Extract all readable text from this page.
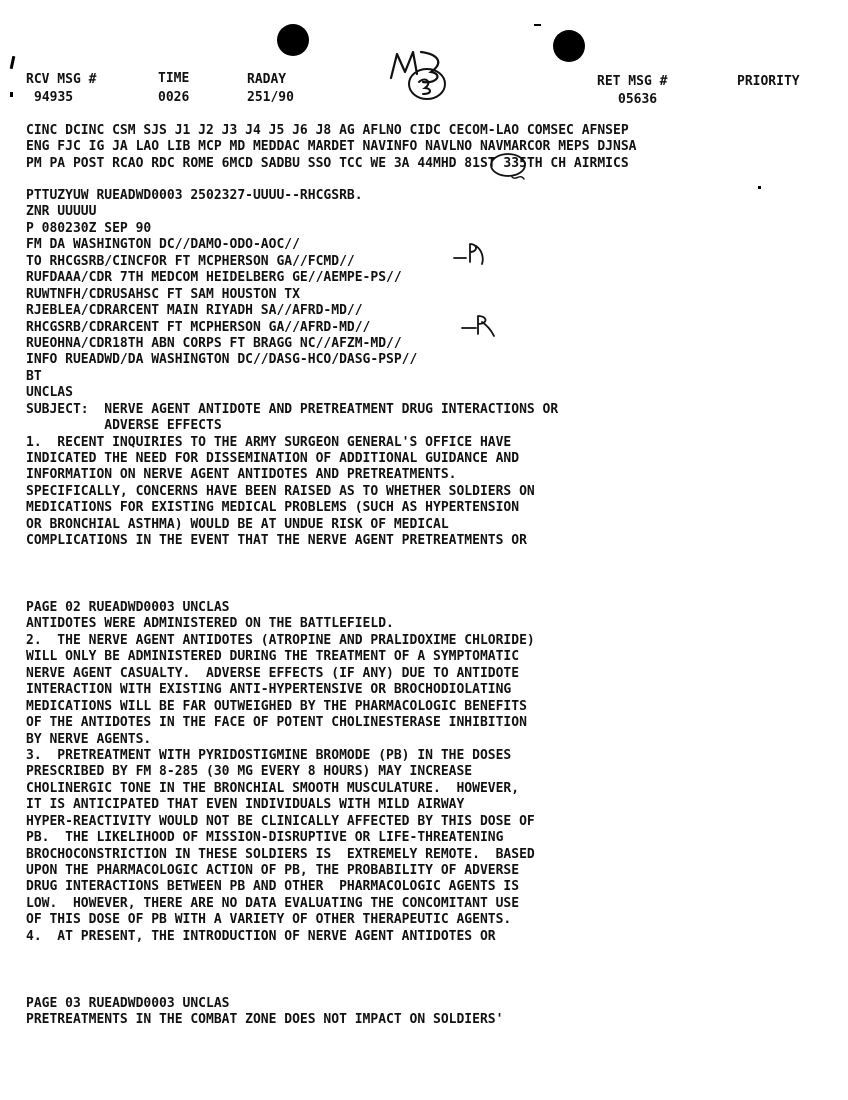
RCV MSG #
94935
TIME
0026
RADAY
251/90
RET MSG #
05636
PRIORITY
CINC DCINC CSM SJS J1 J2 J3 J4 J5 J6 J8 AG AFLNO CIDC CECOM-LAO COMSEC AFNSEP
ENG FJC IG JA LAO LIB MCP MD MEDDAC MARDET NAVINFO NAVLNO NAVMARCOR MEPS DJNSA
PM PA POST RCAO RDC ROME 6MCD SADBU SSO TCC WE 3A 44MHD 81ST 335TH CH AIRMICS
PTTUZYUW RUEADWD0003 2502327-UUUU--RHCGSRB.
ZNR UUUUU
P 080230Z SEP 90
FM DA WASHINGTON DC//DAMO-ODO-AOC//
TO RHCGSRB/CINCFOR FT MCPHERSON GA//FCMD//
RUFDAAA/CDR 7TH MEDCOM HEIDELBERG GE//AEMPE-PS//
RUWTNFH/CDRUSAHSC FT SAM HOUSTON TX
RJEBLEA/CDRARCENT MAIN RIYADH SA//AFRD-MD//
RHCGSRB/CDRARCENT FT MCPHERSON GA//AFRD-MD//
RUEOHNA/CDR18TH ABN CORPS FT BRAGG NC//AFZM-MD//
INFO RUEADWD/DA WASHINGTON DC//DASG-HCO/DASG-PSP//
BT
UNCLAS
SUBJECT:  NERVE AGENT ANTIDOTE AND PRETREATMENT DRUG INTERACTIONS OR
ADVERSE EFFECTS
1.  RECENT INQUIRIES TO THE ARMY SURGEON GENERAL'S OFFICE HAVE
INDICATED THE NEED FOR DISSEMINATION OF ADDITIONAL GUIDANCE AND
INFORMATION ON NERVE AGENT ANTIDOTES AND PRETREATMENTS.
SPECIFICALLY, CONCERNS HAVE BEEN RAISED AS TO WHETHER SOLDIERS ON
MEDICATIONS FOR EXISTING MEDICAL PROBLEMS (SUCH AS HYPERTENSION
OR BRONCHIAL ASTHMA) WOULD BE AT UNDUE RISK OF MEDICAL
COMPLICATIONS IN THE EVENT THAT THE NERVE AGENT PRETREATMENTS OR
PAGE 02 RUEADWD0003 UNCLAS
ANTIDOTES WERE ADMINISTERED ON THE BATTLEFIELD.
2.  THE NERVE AGENT ANTIDOTES (ATROPINE AND PRALIDOXIME CHLORIDE)
WILL ONLY BE ADMINISTERED DURING THE TREATMENT OF A SYMPTOMATIC
NERVE AGENT CASUALTY.  ADVERSE EFFECTS (IF ANY) DUE TO ANTIDOTE
INTERACTION WITH EXISTING ANTI-HYPERTENSIVE OR BROCHODIOLATING
MEDICATIONS WILL BE FAR OUTWEIGHED BY THE PHARMACOLOGIC BENEFITS
OF THE ANTIDOTES IN THE FACE OF POTENT CHOLINESTERASE INHIBITION
BY NERVE AGENTS.
3.  PRETREATMENT WITH PYRIDOSTIGMINE BROMODE (PB) IN THE DOSES
PRESCRIBED BY FM 8-285 (30 MG EVERY 8 HOURS) MAY INCREASE
CHOLINERGIC TONE IN THE BRONCHIAL SMOOTH MUSCULATURE.  HOWEVER,
IT IS ANTICIPATED THAT EVEN INDIVIDUALS WITH MILD AIRWAY
HYPER-REACTIVITY WOULD NOT BE CLINICALLY AFFECTED BY THIS DOSE OF
PB.  THE LIKELIHOOD OF MISSION-DISRUPTIVE OR LIFE-THREATENING
BROCHOCONSTRICTION IN THESE SOLDIERS IS  EXTREMELY REMOTE.  BASED
UPON THE PHARMACOLOGIC ACTION OF PB, THE PROBABILITY OF ADVERSE
DRUG INTERACTIONS BETWEEN PB AND OTHER  PHARMACOLOGIC AGENTS IS
LOW.  HOWEVER, THERE ARE NO DATA EVALUATING THE CONCOMITANT USE
OF THIS DOSE OF PB WITH A VARIETY OF OTHER THERAPEUTIC AGENTS.
4.  AT PRESENT, THE INTRODUCTION OF NERVE AGENT ANTIDOTES OR
PAGE 03 RUEADWD0003 UNCLAS
PRETREATMENTS IN THE COMBAT ZONE DOES NOT IMPACT ON SOLDIERS'
